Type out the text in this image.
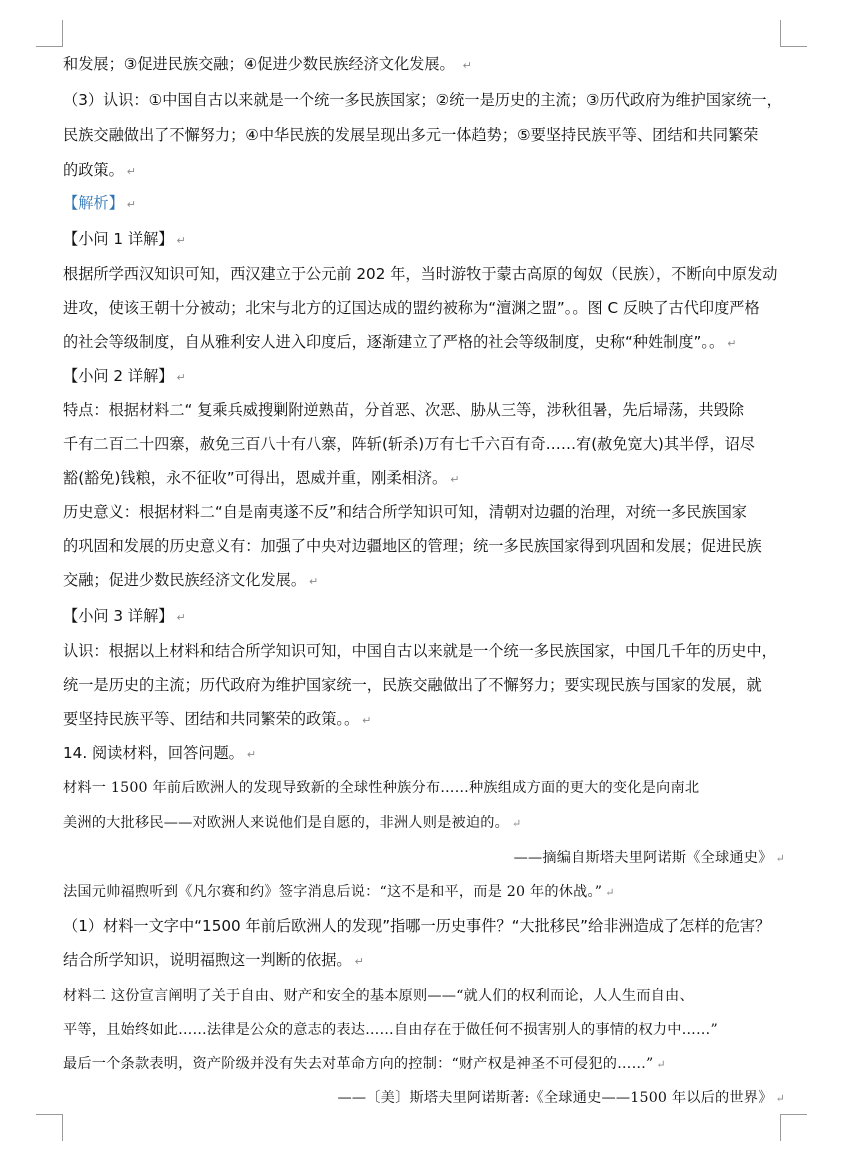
和发展；③促进民族交融；④促进少数民族经济文化发展。 ↵
（3）认识：①中国自古以来就是一个统一多民族国家；②统一是历史的主流；③历代政府为维护国家统一，
民族交融做出了不懈努力；④中华民族的发展呈现出多元一体趋势；⑤要坚持民族平等、团结和共同繁荣
的政策。 ↵
【解析】 ↵
【小问 1 详解】 ↵
根据所学西汉知识可知，西汉建立于公元前 202 年，当时游牧于蒙古高原的匈奴（民族），不断向中原发动
进攻，使该王朝十分被动；北宋与北方的辽国达成的盟约被称为“澶渊之盟”。。图 C 反映了古代印度严格
的社会等级制度，自从雅利安人进入印度后，逐渐建立了严格的社会等级制度，史称“种姓制度”。。 ↵
【小问 2 详解】 ↵
特点：根据材料二“ 复乘兵威搜剿附逆熟苗，分首恶、次恶、胁从三等，涉秋徂暑，先后埽荡，共毁除
千有二百二十四寨，赦免三百八十有八寨，阵斩(斩杀)万有七千六百有奇……宥(赦免宽大)其半俘，诏尽
豁(豁免)钱粮，永不征收”可得出，恩威并重，刚柔相济。 ↵
历史意义：根据材料二“自是南夷遂不反”和结合所学知识可知，清朝对边疆的治理，对统一多民族国家
的巩固和发展的历史意义有：加强了中央对边疆地区的管理；统一多民族国家得到巩固和发展；促进民族
交融；促进少数民族经济文化发展。 ↵
【小问 3 详解】 ↵
认识：根据以上材料和结合所学知识可知，中国自古以来就是一个统一多民族国家，中国几千年的历史中，
统一是历史的主流；历代政府为维护国家统一，民族交融做出了不懈努力；要实现民族与国家的发展，就
要坚持民族平等、团结和共同繁荣的政策。。 ↵
14. 阅读材料，回答问题。 ↵
材料一 1500 年前后欧洲人的发现导致新的全球性种族分布……种族组成方面的更大的变化是向南北
美洲的大批移民——对欧洲人来说他们是自愿的，非洲人则是被迫的。 ↵
——摘编自斯塔夫里阿诺斯《全球通史》 ↵
法国元帅福煦听到《凡尔赛和约》签字消息后说：“这不是和平，而是 20 年的休战。” ↵
（1）材料一文字中“1500 年前后欧洲人的发现”指哪一历史事件？“大批移民”给非洲造成了怎样的危害？
结合所学知识，说明福煦这一判断的依据。 ↵
材料二 这份宣言阐明了关于自由、财产和安全的基本原则——“就人们的权利而论，人人生而自由、
平等，且始终如此……法律是公众的意志的表达……自由存在于做任何不损害别人的事情的权力中……”
最后一个条款表明，资产阶级并没有失去对革命方向的控制：“财产权是神圣不可侵犯的……” ↵
——〔美〕斯塔夫里阿诺斯著:《全球通史——1500 年以后的世界》 ↵
